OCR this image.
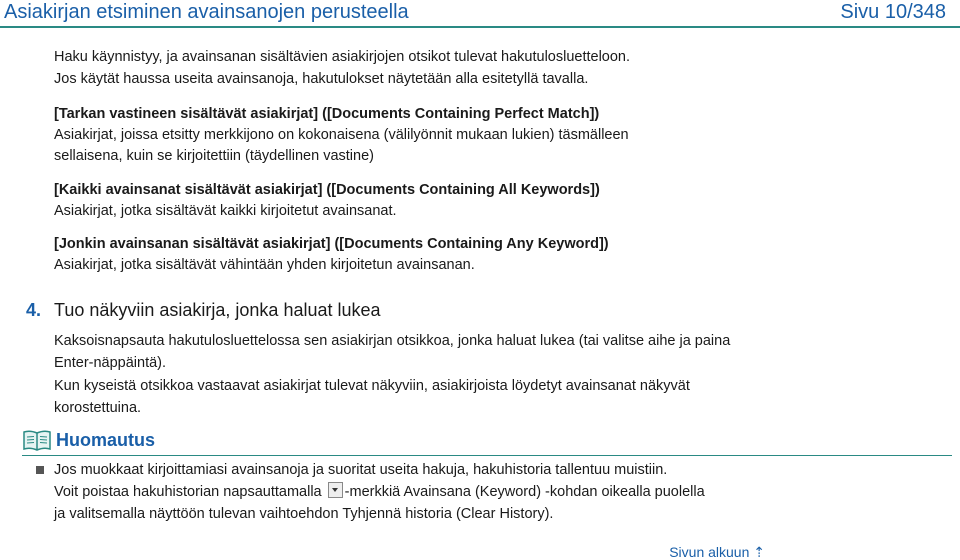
Asiakirjan etsiminen avainsanojen perusteella	Sivu 10/348

Haku käynnistyy, ja avainsanan sisältävien asiakirjojen otsikot tulevat hakutulosluetteloon.

Jos käytät haussa useita avainsanoja, hakutulokset näytetään alla esitetyllä tavalla.

[Tarkan vastineen sisältävät asiakirjat] ([Documents Containing Perfect Match])

Asiakirjat, joissa etsitty merkkijono on kokonaisena (välilyönnit mukaan lukien) täsmälleen sellaisena, kuin se kirjoitettiin (täydellinen vastine)

[Kaikki avainsanat sisältävät asiakirjat] ([Documents Containing All Keywords])

Asiakirjat, jotka sisältävät kaikki kirjoitetut avainsanat.

[Jonkin avainsanan sisältävät asiakirjat] ([Documents Containing Any Keyword])

Asiakirjat, jotka sisältävät vähintään yhden kirjoitetun avainsanan.

4. Tuo näkyviin asiakirja, jonka haluat lukea

Kaksoisnapsauta hakutulosluettelossa sen asiakirjan otsikkoa, jonka haluat lukea (tai valitse aihe ja paina Enter-näppäintä).

Kun kyseistä otsikkoa vastaavat asiakirjat tulevat näkyviin, asiakirjoista löydetyt avainsanat näkyvät korostettuina.

Huomautus

Jos muokkaat kirjoittamiasi avainsanoja ja suoritat useita hakuja, hakuhistoria tallentuu muistiin.

Voit poistaa hakuhistorian napsauttamalla
-merkkiä Avainsana (Keyword) -kohdan oikealla puolella ja valitsemalla näyttöön tulevan vaihtoehdon Tyhjennä historia (Clear History).

Sivun alkuun ⇡
